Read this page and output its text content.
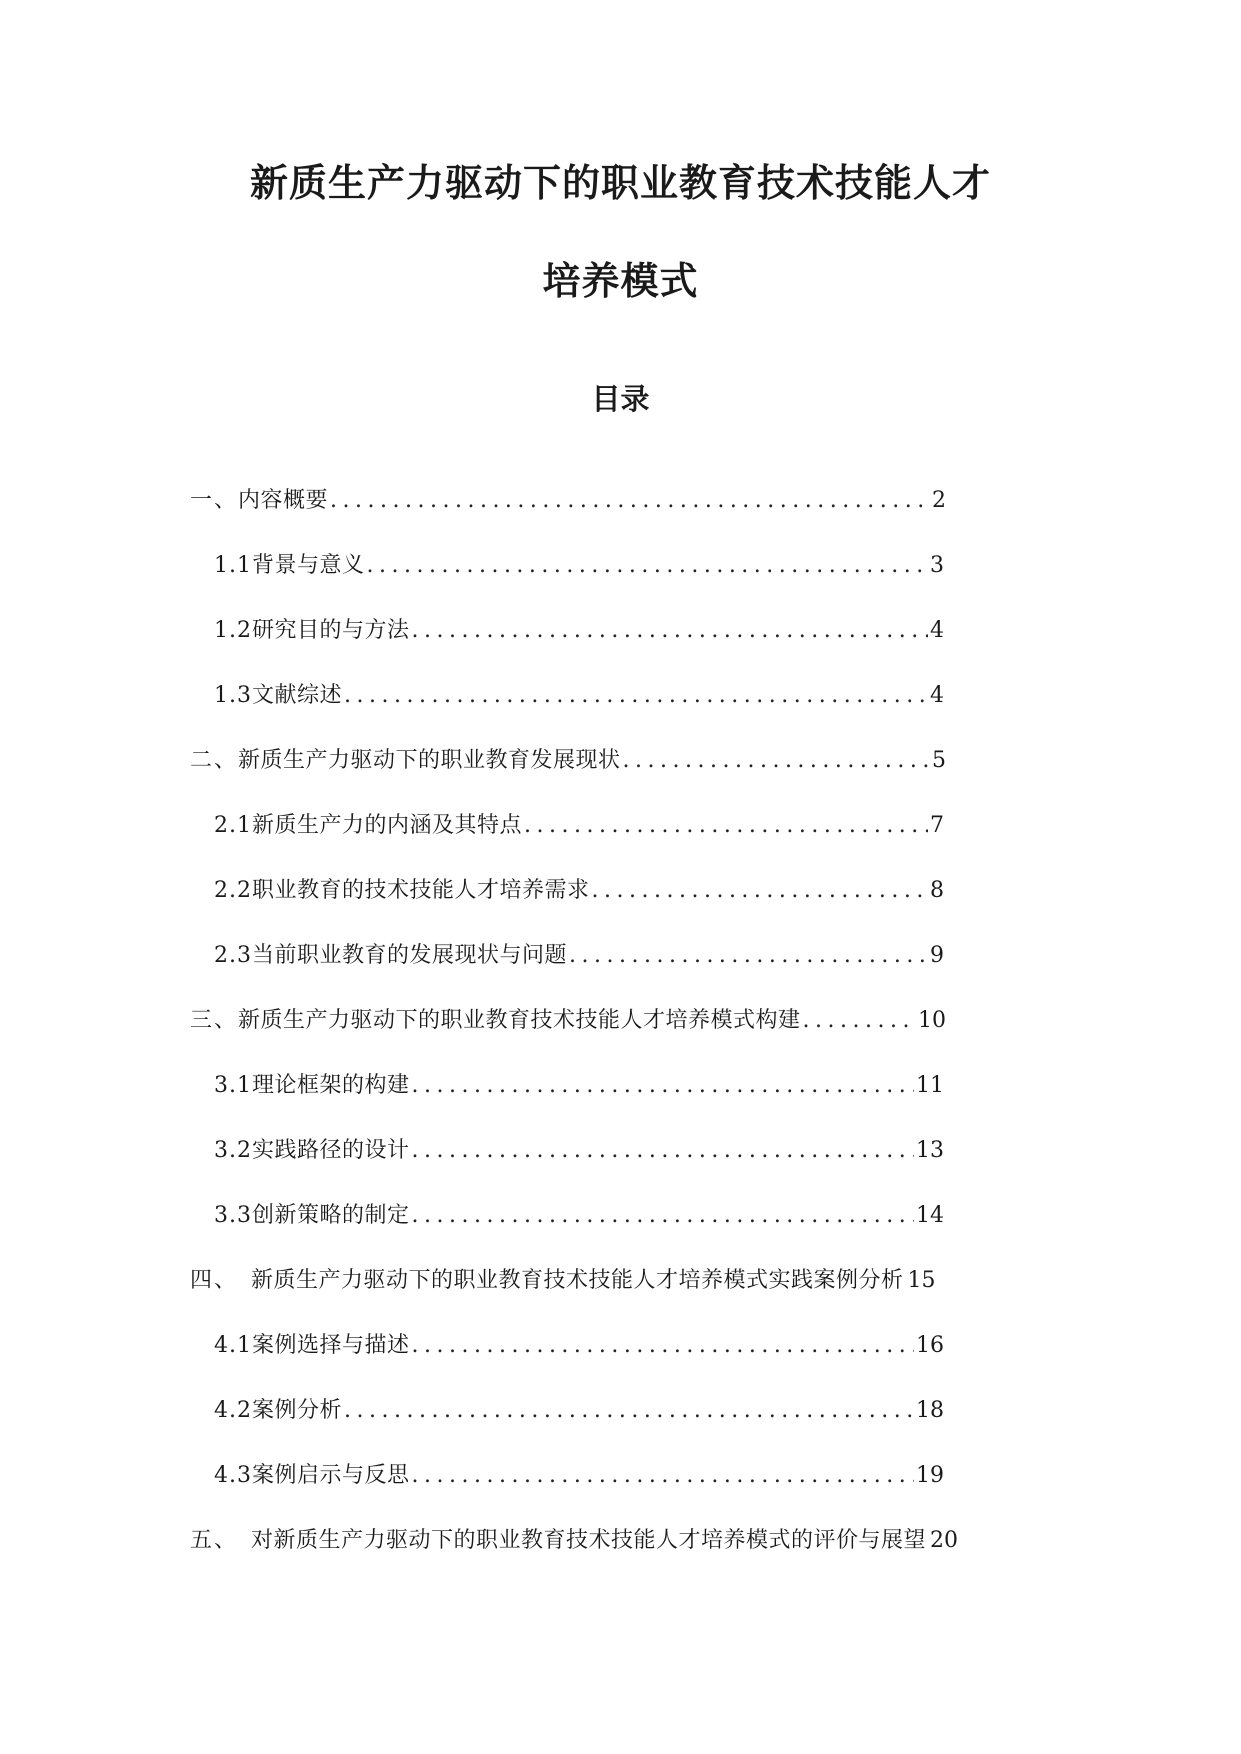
新质生产力驱动下的职业教育技术技能人才
培养模式
目录
一、 内容概要 .....	2
1.1 背景与意义 .....	3
1.2 研究目的与方法 .....	4
1.3 文献综述 .....	4
二、 新质生产力驱动下的职业教育发展现状 .....	5
2.1 新质生产力的内涵及其特点 .....	7
2.2 职业教育的技术技能人才培养需求 .....	8
2.3 当前职业教育的发展现状与问题 .....	9
三、 新质生产力驱动下的职业教育技术技能人才培养模式构建 .....	10
3.1 理论框架的构建 .....	11
3.2 实践路径的设计 .....	13
3.3 创新策略的制定 .....	14
四、 新质生产力驱动下的职业教育技术技能人才培养模式实践案例分析 15
4.1 案例选择与描述 .....	16
4.2 案例分析 .....	18
4.3 案例启示与反思 .....	19
五、 对新质生产力驱动下的职业教育技术技能人才培养模式的评价与展望 20
